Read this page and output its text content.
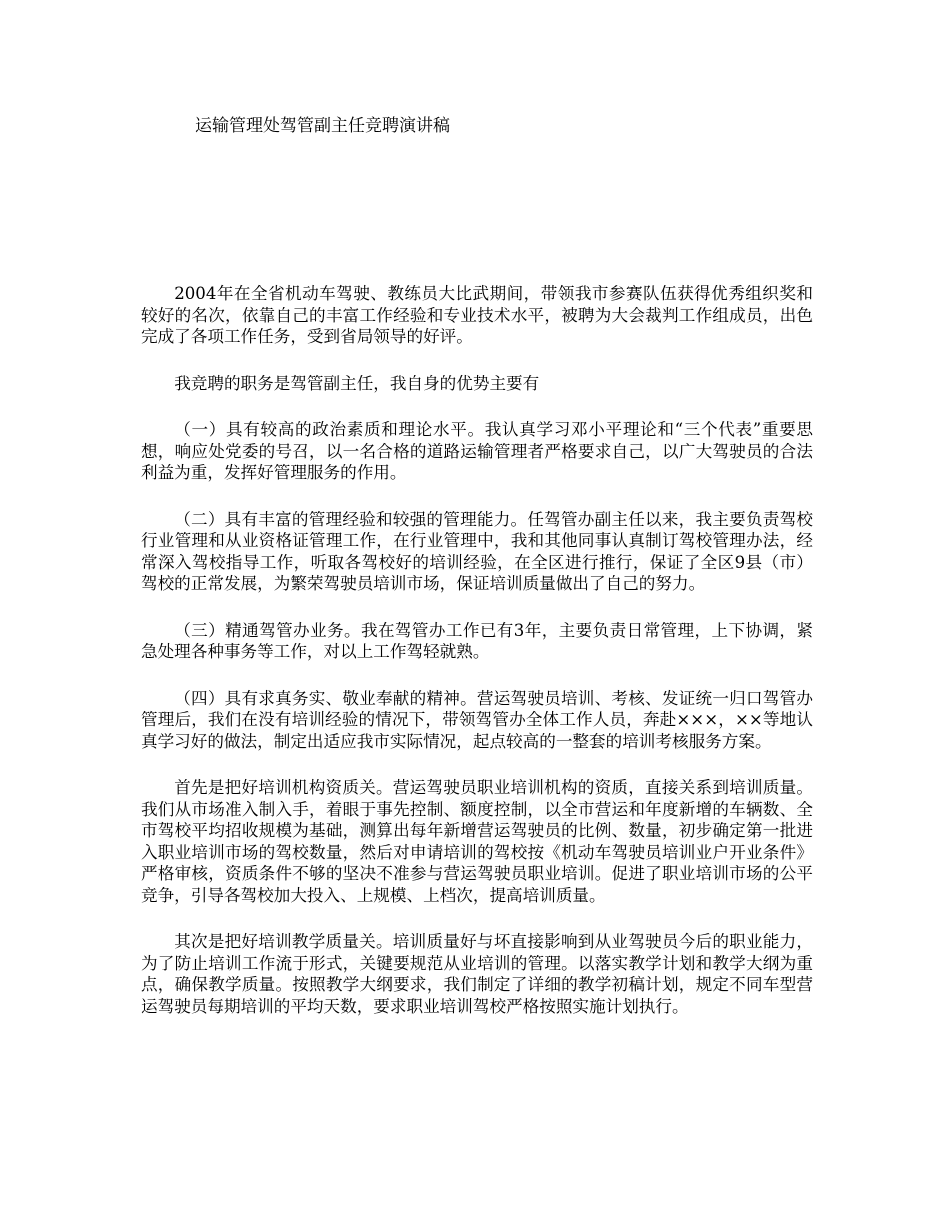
运输管理处驾管副主任竞聘演讲稿

2004年在全省机动车驾驶、教练员大比武期间，带领我市参赛队伍获得优秀组织奖和较好的名次，依靠自己的丰富工作经验和专业技术水平，被聘为大会裁判工作组成员，出色完成了各项工作任务，受到省局领导的好评。

我竞聘的职务是驾管副主任，我自身的优势主要有

（一）具有较高的政治素质和理论水平。我认真学习邓小平理论和“三个代表”重要思想，响应处党委的号召，以一名合格的道路运输管理者严格要求自己，以广大驾驶员的合法利益为重，发挥好管理服务的作用。

（二）具有丰富的管理经验和较强的管理能力。任驾管办副主任以来，我主要负责驾校行业管理和从业资格证管理工作，在行业管理中，我和其他同事认真制订驾校管理办法，经常深入驾校指导工作，听取各驾校好的培训经验，在全区进行推行，保证了全区9县（市）驾校的正常发展，为繁荣驾驶员培训市场，保证培训质量做出了自己的努力。

（三）精通驾管办业务。我在驾管办工作已有3年，主要负责日常管理，上下协调，紧急处理各种事务等工作，对以上工作驾轻就熟。

（四）具有求真务实、敬业奉献的精神。营运驾驶员培训、考核、发证统一归口驾管办管理后，我们在没有培训经验的情况下，带领驾管办全体工作人员，奔赴×××，××等地认真学习好的做法，制定出适应我市实际情况，起点较高的一整套的培训考核服务方案。

首先是把好培训机构资质关。营运驾驶员职业培训机构的资质，直接关系到培训质量。我们从市场准入制入手，着眼于事先控制、额度控制，以全市营运和年度新增的车辆数、全市驾校平均招收规模为基础，测算出每年新增营运驾驶员的比例、数量，初步确定第一批进入职业培训市场的驾校数量，然后对申请培训的驾校按《机动车驾驶员培训业户开业条件》严格审核，资质条件不够的坚决不准参与营运驾驶员职业培训。促进了职业培训市场的公平竞争，引导各驾校加大投入、上规模、上档次，提高培训质量。

其次是把好培训教学质量关。培训质量好与坏直接影响到从业驾驶员今后的职业能力，为了防止培训工作流于形式，关键要规范从业培训的管理。以落实教学计划和教学大纲为重点，确保教学质量。按照教学大纲要求，我们制定了详细的教学初稿计划，规定不同车型营运驾驶员每期培训的平均天数，要求职业培训驾校严格按照实施计划执行。
